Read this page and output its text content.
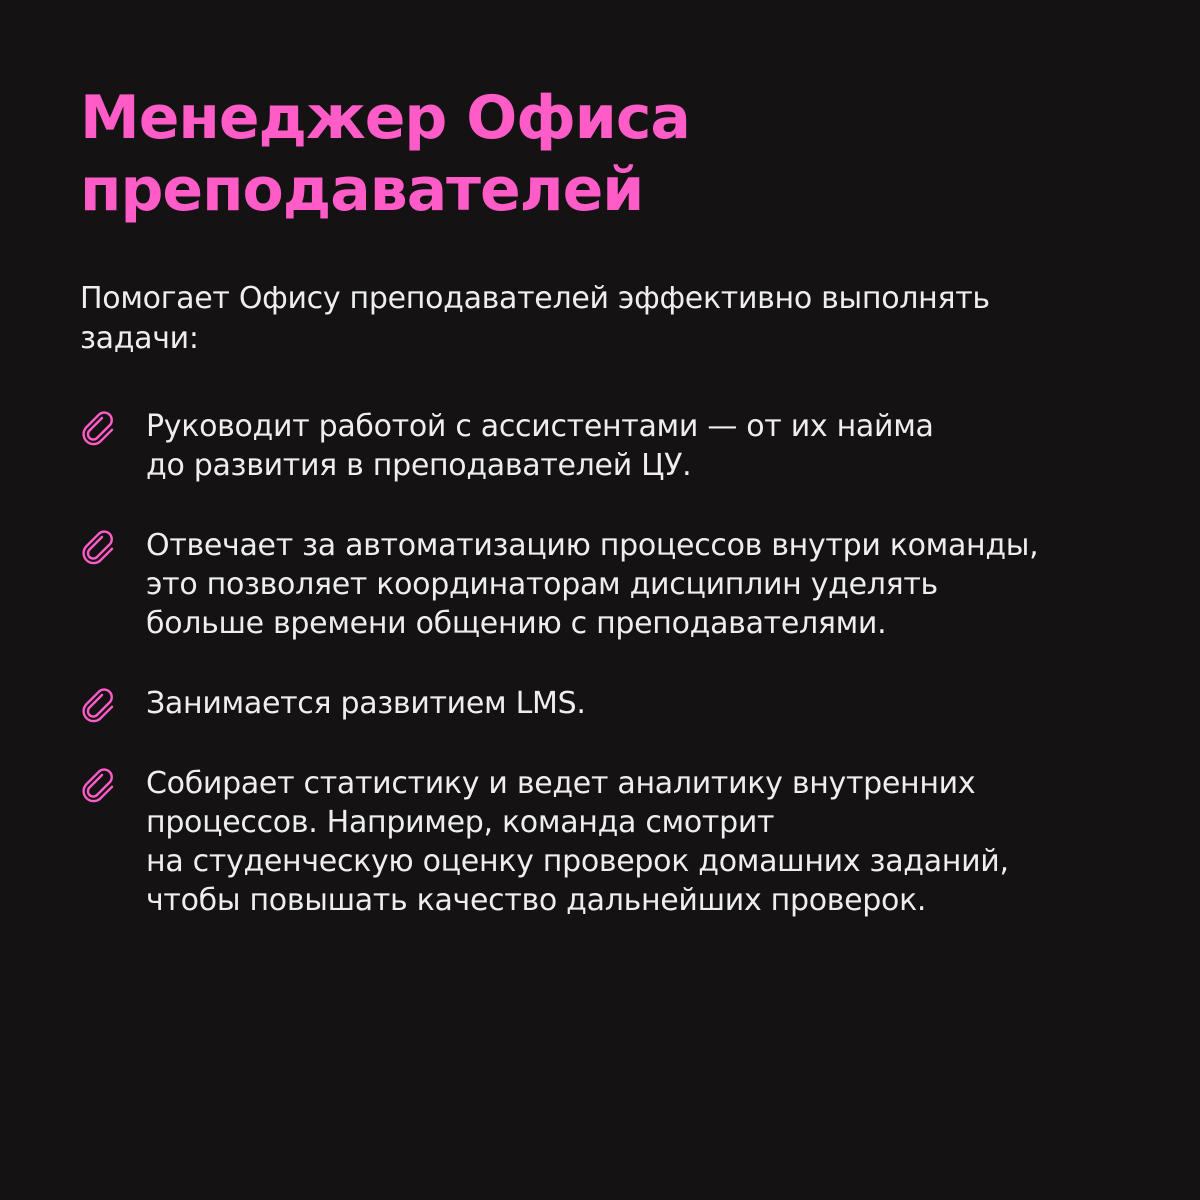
Менеджер Офиса
преподавателей

Помогает Офису преподавателей эффективно выполнять
задачи:

Руководит работой с ассистентами — от их найма
до развития в преподавателей ЦУ.
Отвечает за автоматизацию процессов внутри команды,
это позволяет координаторам дисциплин уделять
больше времени общению с преподавателями.
Занимается развитием LMS.
Собирает статистику и ведет аналитику внутренних
процессов. Например, команда смотрит
на студенческую оценку проверок домашних заданий,
чтобы повышать качество дальнейших проверок.
